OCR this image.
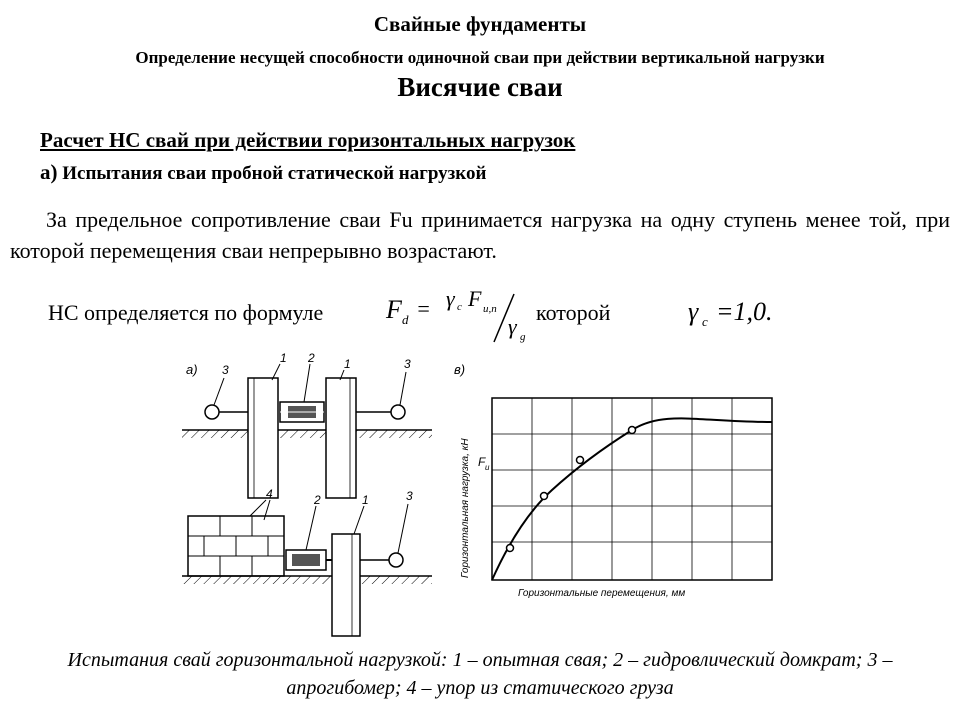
Свайные фундаменты
Определение несущей способности одиночной сваи при действии вертикальной нагрузки
Висячие сваи
Расчет НС свай при действии горизонтальных нагрузок
а) Испытания сваи пробной статической нагрузкой
За предельное сопротивление сваи Fu принимается нагрузка на одну ступень менее той, при которой перемещения сваи непрерывно возрастают.
НС определяется по формуле F d = γ c F u,n
γ g
которой	γ c =1,0.
а) 3
1 2 1	3
4	2	1	3
в)
F u
Горизонтальная нагрузка, кН
Горизонтальные перемещения, мм
Испытания свай горизонтальной нагрузкой: 1 – опытная свая; 2 – гидровлический домкрат; 3 – апрогибомер; 4 – упор из статического груза
